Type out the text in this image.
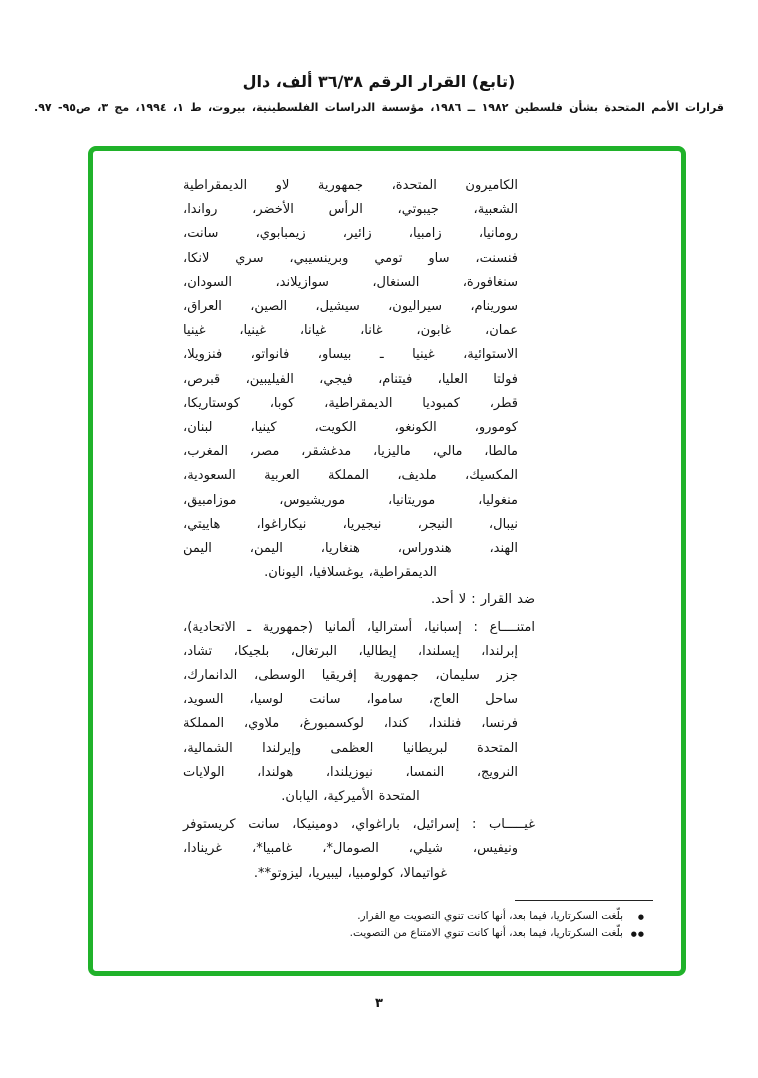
(تابع) القرار الرقم ٣٦/٣٨ ألف، دال
قرارات الأمم المتحدة بشأن فلسطين ١٩٨٢ ــ ١٩٨٦، مؤسسة الدراسات الفلسطينية، بيروت، ط ١، ١٩٩٤، مج ٣، ص٩٥- ٩٧.
الكاميرون المتحدة، جمهورية لاو الديمقراطية
الشعبية، جيبوتي، الرأس الأخضر، رواندا،
رومانيا، زامبيا، زائير، زيمبابوي، سانت،
فنسنت، ساو تومي وبرينسيبي، سري لانكا،
سنغافورة، السنغال، سوازيلاند، السودان،
سورينام، سيراليون، سيشيل، الصين، العراق،
عمان، غابون، غانا، غيانا، غينيا، غينيا
الاستوائية، غينيا ـ بيساو، فانواتو، فنزويلا،
فولتا العليا، فيتنام، فيجي، الفيليبين، قبرص،
قطر، كمبوديا الديمقراطية، كوبا، كوستاريكا،
كومورو، الكونغو، الكويت، كينيا، لبنان،
مالطا، مالي، ماليزيا، مدغشقر، مصر، المغرب،
المكسيك، ملديف، المملكة العربية السعودية،
منغوليا، موريتانيا، موريشيوس، موزامبيق،
نيبال، النيجر، نيجيريا، نيكاراغوا، هاييتي،
الهند، هندوراس، هنغاريا، اليمن، اليمن
الديمقراطية، يوغسلافيا، اليونان.
ضد القرار : لا أحد.
امتنــــاع : إسبانيا، أستراليا، ألمانيا (جمهورية ـ الاتحادية)،
إبرلندا، إيسلندا، إيطاليا، البرتغال، بلجيكا، تشاد،
جزر سليمان، جمهورية إفريقيا الوسطى، الدانمارك،
ساحل العاج، ساموا، سانت لوسيا، السويد،
فرنسا، فنلندا، كندا، لوكسمبورغ، ملاوي، المملكة
المتحدة لبريطانيا العظمى وإيرلندا الشمالية،
النرويج، النمسا، نيوزيلندا، هولندا، الولايات
المتحدة الأميركية، اليابان.
غيـــــاب : إسرائيل، باراغواي، دومينيكا، سانت كريستوفر
ونيفيس، شيلي، الصومال*، غامبيا*، غرينادا،
غواتيمالا، كولومبيا، ليبيريا، ليزوتو**.
●
بلّغت السكرتاريا، فيما بعد، أنها كانت تنوي التصويت مع القرار.
●●
بلّغت السكرتاريا، فيما بعد، أنها كانت تنوي الامتناع من التصويت.
٣
